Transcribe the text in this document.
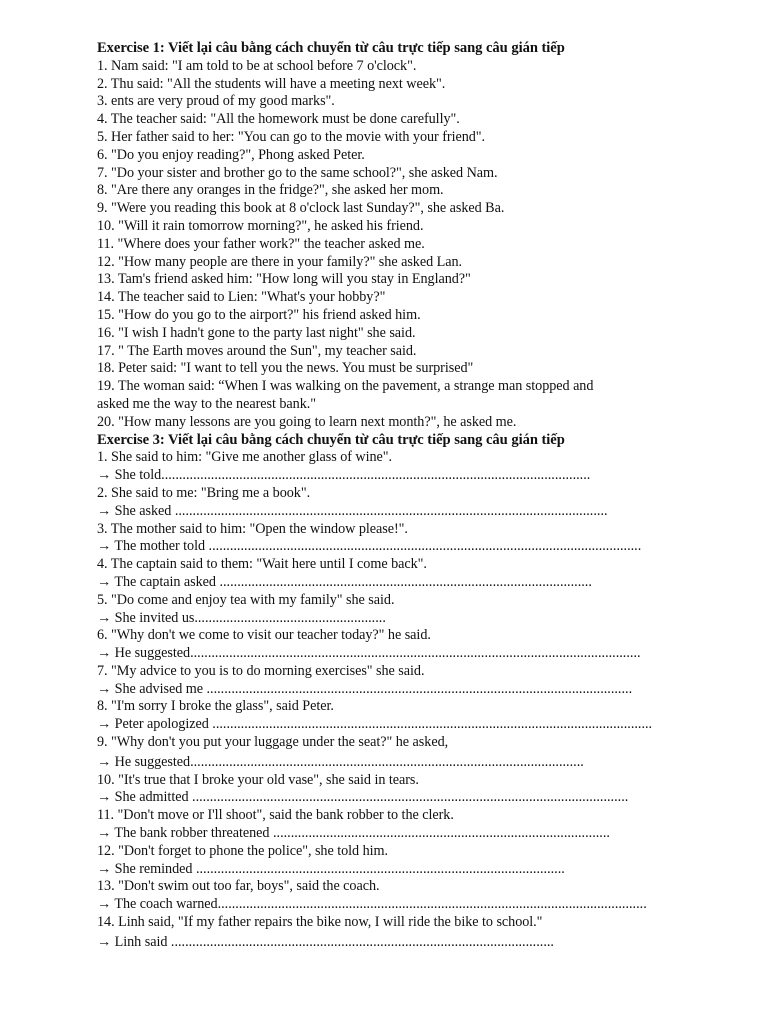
Exercise 1: Viết lại câu bằng cách chuyển từ câu trực tiếp sang câu gián tiếp
1. Nam said: "I am told to be at school before 7 o'clock".
2. Thu said: "All the students will have a meeting next week".
3. ents are very proud of my good marks".
4. The teacher said: "All the homework must be done carefully".
5. Her father said to her: "You can go to the movie with your friend".
6. "Do you enjoy reading?", Phong asked Peter.
7. "Do your sister and brother go to the same school?", she asked Nam.
8. "Are there any oranges in the fridge?", she asked her mom.
9. "Were you reading this book at 8 o'clock last Sunday?", she asked Ba.
10. "Will it rain tomorrow morning?", he asked his friend.
11. "Where does your father work?" the teacher asked me.
12. "How many people are there in your family?" she asked Lan.
13. Tam's friend asked him: "How long will you stay in England?"
14. The teacher said to Lien: "What's your hobby?"
15. "How do you go to the airport?" his friend asked him.
16. "I wish I hadn't gone to the party last night" she said.
17. " The Earth moves around the Sun", my teacher said.
18. Peter said: "I want to tell you the news. You must be surprised"
19. The woman said: “When I was walking on the pavement, a strange man stopped and
asked me the way to the nearest bank."
20. "How many lessons are you going to learn next month?", he asked me.
Exercise 3: Viết lại câu bằng cách chuyển từ câu trực tiếp sang câu gián tiếp
1. She said to him: "Give me another glass of wine".
→ She told.........................................................................................................................
2. She said to me: "Bring me a book".
→ She asked ..........................................................................................................................
3. The mother said to him: "Open the window please!".
→ The mother told ..........................................................................................................................
4. The captain said to them: "Wait here until I come back".
→ The captain asked .........................................................................................................
5. "Do come and enjoy tea with my family" she said.
→ She invited us......................................................
6. "Why don't we come to visit our teacher today?" he said.
→ He suggested...............................................................................................................................
7. "My advice to you is to do morning exercises" she said.
→ She advised me ........................................................................................................................
8. "I'm sorry I broke the glass", said Peter.
→ Peter apologized ............................................................................................................................
9. "Why don't you put your luggage under the seat?" he asked,
→ He suggested...............................................................................................................
10. "It's true that I broke your old vase", she said in tears.
→ She admitted ...........................................................................................................................
11. "Don't move or I'll shoot", said the bank robber to the clerk.
→ The bank robber threatened ...............................................................................................
12. "Don't forget to phone the police", she told him.
→ She reminded ........................................................................................................
13. "Don't swim out too far, boys", said the coach.
→ The coach warned.........................................................................................................................
14. Linh said, "If my father repairs the bike now, I will ride the bike to school."
→ Linh said ............................................................................................................
